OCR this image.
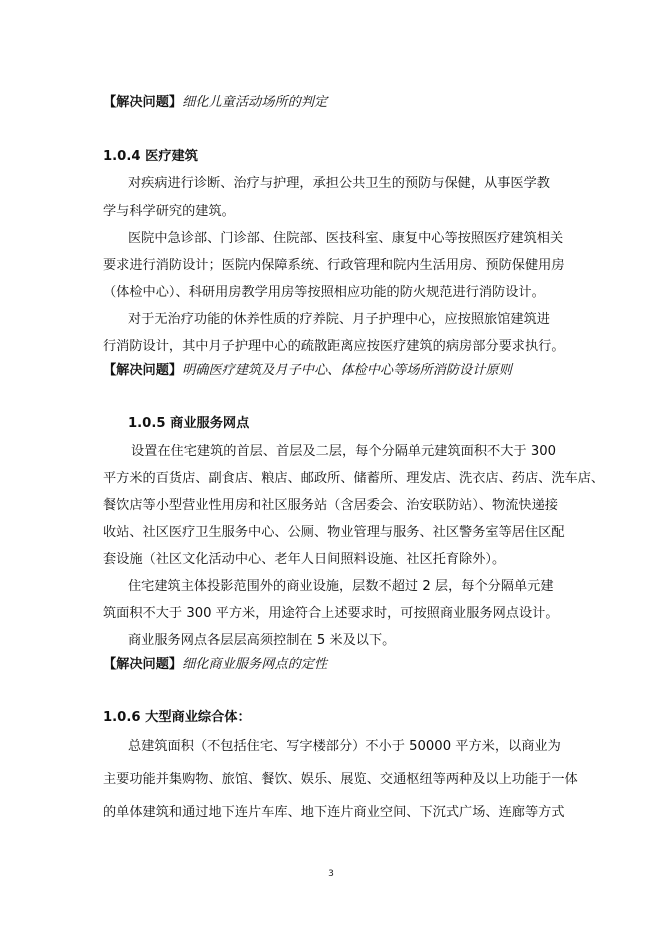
【解决问题】细化儿童活动场所的判定
1.0.4 医疗建筑
对疾病进行诊断、治疗与护理，承担公共卫生的预防与保健，从事医学教
学与科学研究的建筑。
医院中急诊部、门诊部、住院部、医技科室、康复中心等按照医疗建筑相关
要求进行消防设计；医院内保障系统、行政管理和院内生活用房、预防保健用房
（体检中心）、科研用房教学用房等按照相应功能的防火规范进行消防设计。
对于无治疗功能的休养性质的疗养院、月子护理中心，应按照旅馆建筑进
行消防设计，其中月子护理中心的疏散距离应按医疗建筑的病房部分要求执行。
【解决问题】明确医疗建筑及月子中心、体检中心等场所消防设计原则
1.0.5 商业服务网点
设置在住宅建筑的首层、首层及二层，每个分隔单元建筑面积不大于 300
平方米的百货店、副食店、粮店、邮政所、储蓄所、理发店、洗衣店、药店、洗车店、
餐饮店等小型营业性用房和社区服务站（含居委会、治安联防站）、物流快递接
收站、社区医疗卫生服务中心、公厕、物业管理与服务、社区警务室等居住区配
套设施（社区文化活动中心、老年人日间照料设施、社区托育除外）。
住宅建筑主体投影范围外的商业设施，层数不超过 2 层，每个分隔单元建
筑面积不大于 300 平方米，用途符合上述要求时，可按照商业服务网点设计。
商业服务网点各层层高须控制在 5 米及以下。
【解决问题】细化商业服务网点的定性
1.0.6 大型商业综合体：
总建筑面积（不包括住宅、写字楼部分）不小于 50000 平方米，以商业为
主要功能并集购物、旅馆、餐饮、娱乐、展览、交通枢纽等两种及以上功能于一体
的单体建筑和通过地下连片车库、地下连片商业空间、下沉式广场、连廊等方式
3
